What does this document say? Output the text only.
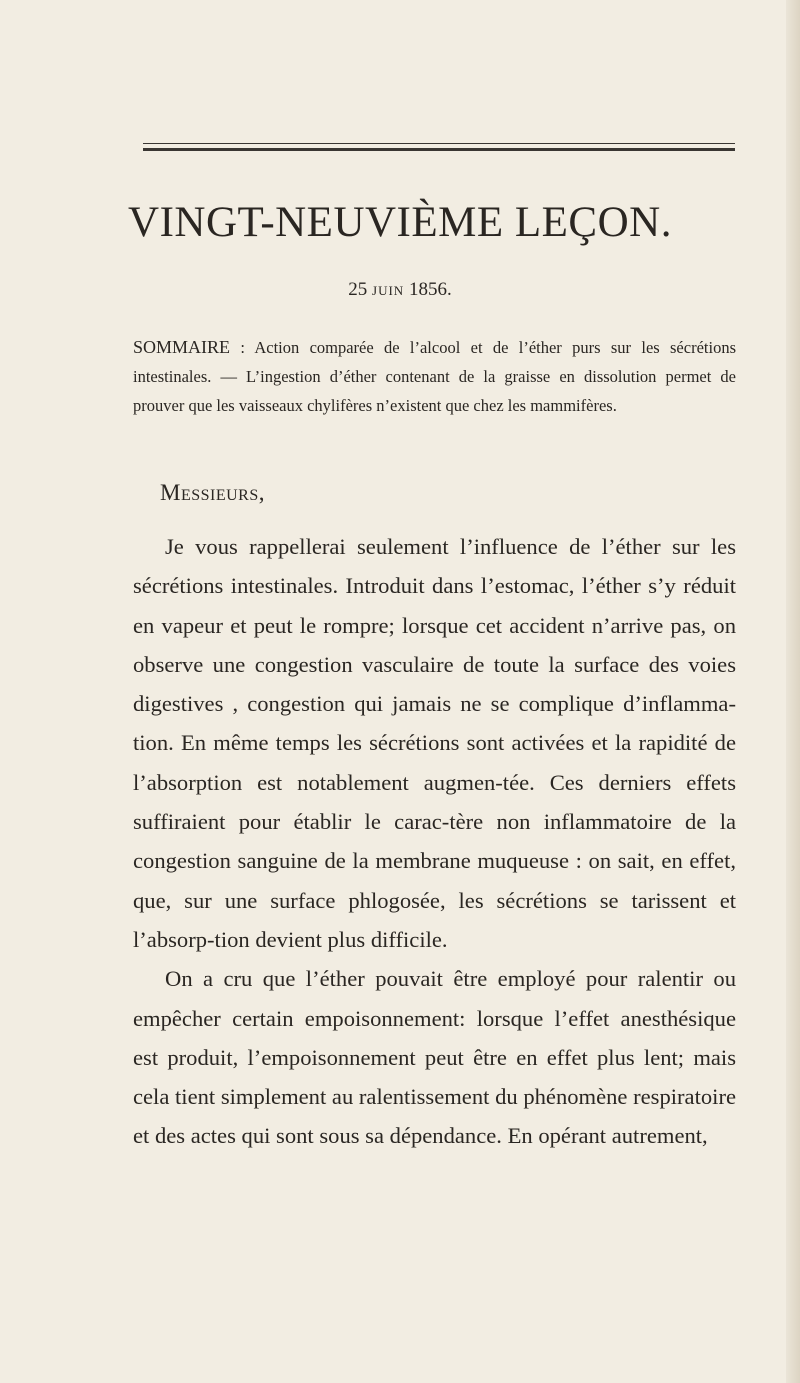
VINGT-NEUVIÈME LEÇON.
25 JUIN 1856.

SOMMAIRE : Action comparée de l’alcool et de l’éther purs sur les sécrétions intestinales. — L’ingestion d’éther contenant de la graisse en dissolution permet de prouver que les vaisseaux chylifères n’existent que chez les mammifères.

Messieurs,

Je vous rappellerai seulement l’influence de l’éther sur les sécrétions intestinales. Introduit dans l’estomac, l’éther s’y réduit en vapeur et peut le rompre; lorsque cet accident n’arrive pas, on observe une congestion vasculaire de toute la surface des voies digestives , congestion qui jamais ne se complique d’inflamma-tion. En même temps les sécrétions sont activées et la rapidité de l’absorption est notablement augmen-tée. Ces derniers effets suffiraient pour établir le carac-tère non inflammatoire de la congestion sanguine de la membrane muqueuse : on sait, en effet, que, sur une surface phlogosée, les sécrétions se tarissent et l’absorp-tion devient plus difficile.

On a cru que l’éther pouvait être employé pour ralentir ou empêcher certain empoisonnement: lorsque l’effet anesthésique est produit, l’empoisonnement peut être en effet plus lent; mais cela tient simplement au ralentissement du phénomène respiratoire et des actes qui sont sous sa dépendance. En opérant autrement,
